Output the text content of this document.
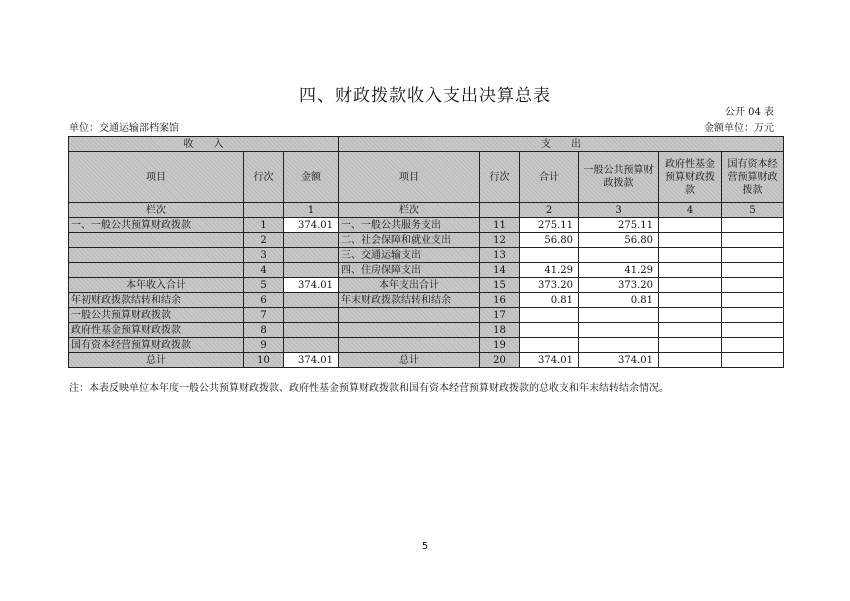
四、财政拨款收入支出决算总表
公开 04 表
单位：交通运输部档案馆	金额单位：万元
收　　入			支　　出					
项目	行次	金额	项目	行次	合计	一般公共预算财政拨款	政府性基金预算财政拨款	国有资本经营预算财政拨款
栏次		1	栏次		2	3	4	5
一、一般公共预算财政拨款	1	374.01	一、一般公共服务支出	11	275.11	275.11		
	2		二、社会保障和就业支出	12	56.80	56.80		
	3		三、交通运输支出	13				
	4		四、住房保障支出	14	41.29	41.29		
本年收入合计	5	374.01	本年支出合计	15	373.20	373.20		
年初财政拨款结转和结余	6		年末财政拨款结转和结余	16	0.81	0.81		
一般公共预算财政拨款	7			17				
政府性基金预算财政拨款	8			18				
国有资本经营预算财政拨款	9			19				
总计	10	374.01	总计	20	374.01	374.01		
注：本表反映单位本年度一般公共预算财政拨款、政府性基金预算财政拨款和国有资本经营预算财政拨款的总收支和年末结转结余情况。
5
